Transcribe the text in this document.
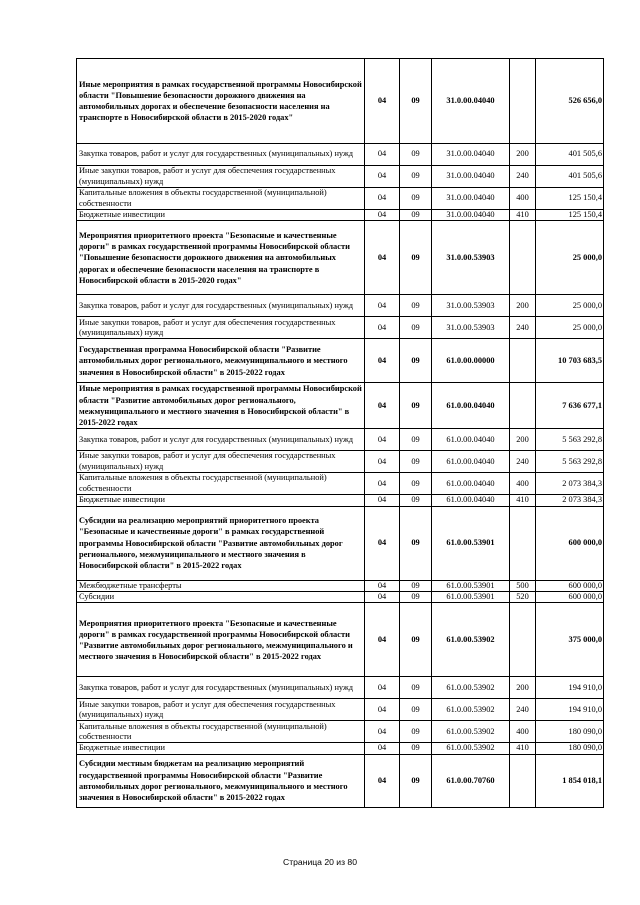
Иные мероприятия в рамках государственной программы Новосибирской области "Повышение безопасности дорожного движения на автомобильных дорогах и обеспечение безопасности населения на транспорте в Новосибирской области в 2015-2020 годах"	04	09	31.0.00.04040		526 656,0
Закупка товаров, работ и услуг для государственных (муниципальных) нужд	04	09	31.0.00.04040	200	401 505,6
Иные закупки товаров, работ и услуг для обеспечения государственных (муниципальных) нужд	04	09	31.0.00.04040	240	401 505,6
Капитальные вложения в объекты государственной (муниципальной) собственности	04	09	31.0.00.04040	400	125 150,4
Бюджетные инвестиции	04	09	31.0.00.04040	410	125 150,4
Мероприятия приоритетного проекта "Безопасные и качественные дороги" в рамках государственной программы Новосибирской области "Повышение безопасности дорожного движения на автомобильных дорогах и обеспечение безопасности населения на транспорте в Новосибирской области в 2015-2020 годах"	04	09	31.0.00.53903		25 000,0
Закупка товаров, работ и услуг для государственных (муниципальных) нужд	04	09	31.0.00.53903	200	25 000,0
Иные закупки товаров, работ и услуг для обеспечения государственных (муниципальных) нужд	04	09	31.0.00.53903	240	25 000,0
Государственная программа Новосибирской области "Развитие автомобильных дорог регионального, межмуниципального и местного значения в Новосибирской области" в 2015-2022 годах	04	09	61.0.00.00000		10 703 683,5
Иные мероприятия в рамках государственной программы Новосибирской области "Развитие автомобильных дорог регионального, межмуниципального и местного значения в Новосибирской области" в 2015-2022 годах	04	09	61.0.00.04040		7 636 677,1
Закупка товаров, работ и услуг для государственных (муниципальных) нужд	04	09	61.0.00.04040	200	5 563 292,8
Иные закупки товаров, работ и услуг для обеспечения государственных (муниципальных) нужд	04	09	61.0.00.04040	240	5 563 292,8
Капитальные вложения в объекты государственной (муниципальной) собственности	04	09	61.0.00.04040	400	2 073 384,3
Бюджетные инвестиции	04	09	61.0.00.04040	410	2 073 384,3
Субсидии на реализацию мероприятий приоритетного проекта "Безопасные и качественные дороги" в рамках государственной программы Новосибирской области "Развитие автомобильных дорог регионального, межмуниципального и местного значения в Новосибирской области" в 2015-2022 годах	04	09	61.0.00.53901		600 000,0
Межбюджетные трансферты	04	09	61.0.00.53901	500	600 000,0
Субсидии	04	09	61.0.00.53901	520	600 000,0
Мероприятия приоритетного проекта "Безопасные и качественные дороги" в рамках государственной программы Новосибирской области "Развитие автомобильных дорог регионального, межмуниципального и местного значения в Новосибирской области" в 2015-2022 годах	04	09	61.0.00.53902		375 000,0
Закупка товаров, работ и услуг для государственных (муниципальных) нужд	04	09	61.0.00.53902	200	194 910,0
Иные закупки товаров, работ и услуг для обеспечения государственных (муниципальных) нужд	04	09	61.0.00.53902	240	194 910,0
Капитальные вложения в объекты государственной (муниципальной) собственности	04	09	61.0.00.53902	400	180 090,0
Бюджетные инвестиции	04	09	61.0.00.53902	410	180 090,0
Субсидии местным бюджетам на реализацию мероприятий государственной программы Новосибирской области "Развитие автомобильных дорог регионального, межмуниципального и местного значения в Новосибирской области" в 2015-2022 годах	04	09	61.0.00.70760		1 854 018,1
Страница 20 из 80
